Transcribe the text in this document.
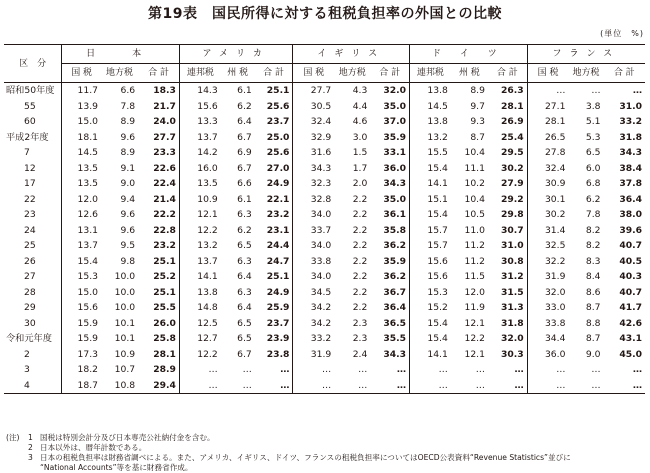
第19表　国民所得に対する租税負担率の外国との比較
(単位　%)
区　分	日　本			アメリカ			イギリス			ド イ ツ			フランス		
	国 税	地方税	合 計	連邦税	州 税	合 計	国 税	地方税	合 計	連邦税	州 税	合 計	国 税	地方税	合 計
昭和50年度	11.7	6.6	18.3	14.3	6.1	25.1	27.7	4.3	32.0	13.8	8.9	26.3	…	…	…
55	13.9	7.8	21.7	15.6	6.2	25.6	30.5	4.4	35.0	14.5	9.7	28.1	27.1	3.8	31.0
60	15.0	8.9	24.0	13.3	6.4	23.7	32.4	4.6	37.0	13.8	9.3	26.9	28.1	5.1	33.2
平成2年度	18.1	9.6	27.7	13.7	6.7	25.0	32.9	3.0	35.9	13.2	8.7	25.4	26.5	5.3	31.8
7	14.5	8.9	23.3	14.2	6.9	25.6	31.6	1.5	33.1	15.5	10.4	29.5	27.8	6.5	34.3
12	13.5	9.1	22.6	16.0	6.7	27.0	34.3	1.7	36.0	15.4	11.1	30.2	32.4	6.0	38.4
17	13.5	9.0	22.4	13.5	6.6	24.9	32.3	2.0	34.3	14.1	10.2	27.9	30.9	6.8	37.8
22	12.0	9.4	21.4	10.9	6.1	22.1	32.8	2.2	35.0	15.1	10.4	29.2	30.1	6.2	36.4
23	12.6	9.6	22.2	12.1	6.3	23.2	34.0	2.2	36.1	15.4	10.5	29.8	30.2	7.8	38.0
24	13.1	9.6	22.8	12.2	6.2	23.1	33.7	2.2	35.8	15.7	11.0	30.7	31.4	8.2	39.6
25	13.7	9.5	23.2	13.2	6.5	24.4	34.0	2.2	36.2	15.7	11.2	31.0	32.5	8.2	40.7
26	15.4	9.8	25.1	13.7	6.3	24.7	33.8	2.2	35.9	15.6	11.2	30.8	32.2	8.3	40.5
27	15.3	10.0	25.2	14.1	6.4	25.1	34.0	2.2	36.2	15.6	11.5	31.2	31.9	8.4	40.3
28	15.0	10.0	25.1	13.8	6.3	24.9	34.5	2.2	36.7	15.3	12.0	31.5	32.0	8.6	40.7
29	15.6	10.0	25.5	14.8	6.4	25.9	34.2	2.2	36.4	15.2	11.9	31.3	33.0	8.7	41.7
30	15.9	10.1	26.0	12.5	6.5	23.7	34.2	2.3	36.5	15.4	12.1	31.8	33.8	8.8	42.6
令和元年度	15.9	10.1	25.8	12.7	6.5	23.9	33.2	2.3	35.5	15.4	12.2	32.0	34.4	8.7	43.1
2	17.3	10.9	28.1	12.2	6.7	23.8	31.9	2.4	34.3	14.1	12.1	30.3	36.0	9.0	45.0
3	18.2	10.7	28.9	…	…	…	…	…	…	…	…	…	…	…	…
4	18.7	10.8	29.4	…	…	…	…	…	…	…	…	…	…	…	…
(注)	1 国税は特別会計分及び日本専売公社納付金を含む。
2 日本以外は、暦年計数である。
3 日本の租税負担率は財務省調べによる。また、アメリカ、イギリス、ドイツ、フランスの租税負担率についてはOECD公表資料“Revenue Statistics”並びに
“National Accounts”等を基に財務省作成。
